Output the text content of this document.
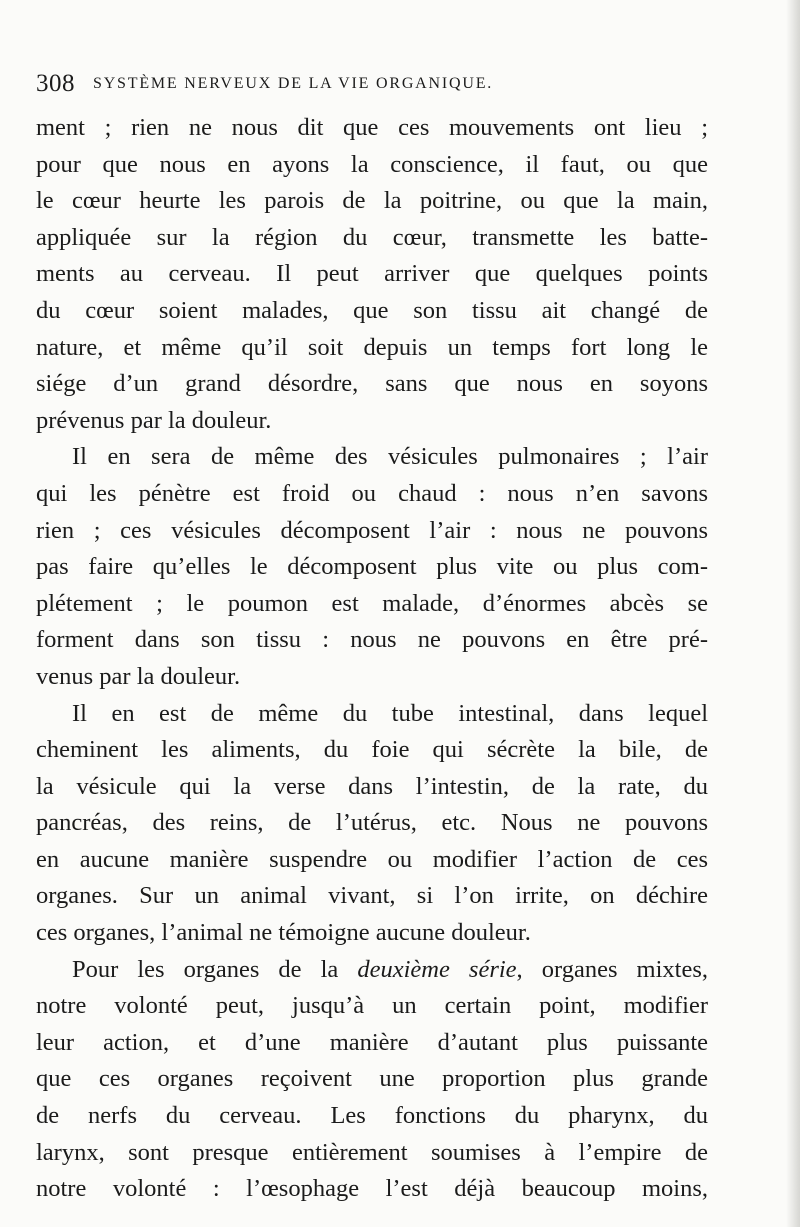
308 SYSTÈME NERVEUX DE LA VIE ORGANIQUE.
ment ; rien ne nous dit que ces mouvements ont lieu ;
pour que nous en ayons la conscience, il faut, ou que
le cœur heurte les parois de la poitrine, ou que la main,
appliquée sur la région du cœur, transmette les batte-
ments au cerveau. Il peut arriver que quelques points
du cœur soient malades, que son tissu ait changé de
nature, et même qu’il soit depuis un temps fort long le
siége d’un grand désordre, sans que nous en soyons
prévenus par la douleur.
Il en sera de même des vésicules pulmonaires ; l’air
qui les pénètre est froid ou chaud : nous n’en savons
rien ; ces vésicules décomposent l’air : nous ne pouvons
pas faire qu’elles le décomposent plus vite ou plus com-
plétement ; le poumon est malade, d’énormes abcès se
forment dans son tissu : nous ne pouvons en être pré-
venus par la douleur.
Il en est de même du tube intestinal, dans lequel
cheminent les aliments, du foie qui sécrète la bile, de
la vésicule qui la verse dans l’intestin, de la rate, du
pancréas, des reins, de l’utérus, etc. Nous ne pouvons
en aucune manière suspendre ou modifier l’action de ces
organes. Sur un animal vivant, si l’on irrite, on déchire
ces organes, l’animal ne témoigne aucune douleur.
Pour les organes de la deuxième série, organes mixtes,
notre volonté peut, jusqu’à un certain point, modifier
leur action, et d’une manière d’autant plus puissante
que ces organes reçoivent une proportion plus grande
de nerfs du cerveau. Les fonctions du pharynx, du
larynx, sont presque entièrement soumises à l’empire de
notre volonté : l’œsophage l’est déjà beaucoup moins,
